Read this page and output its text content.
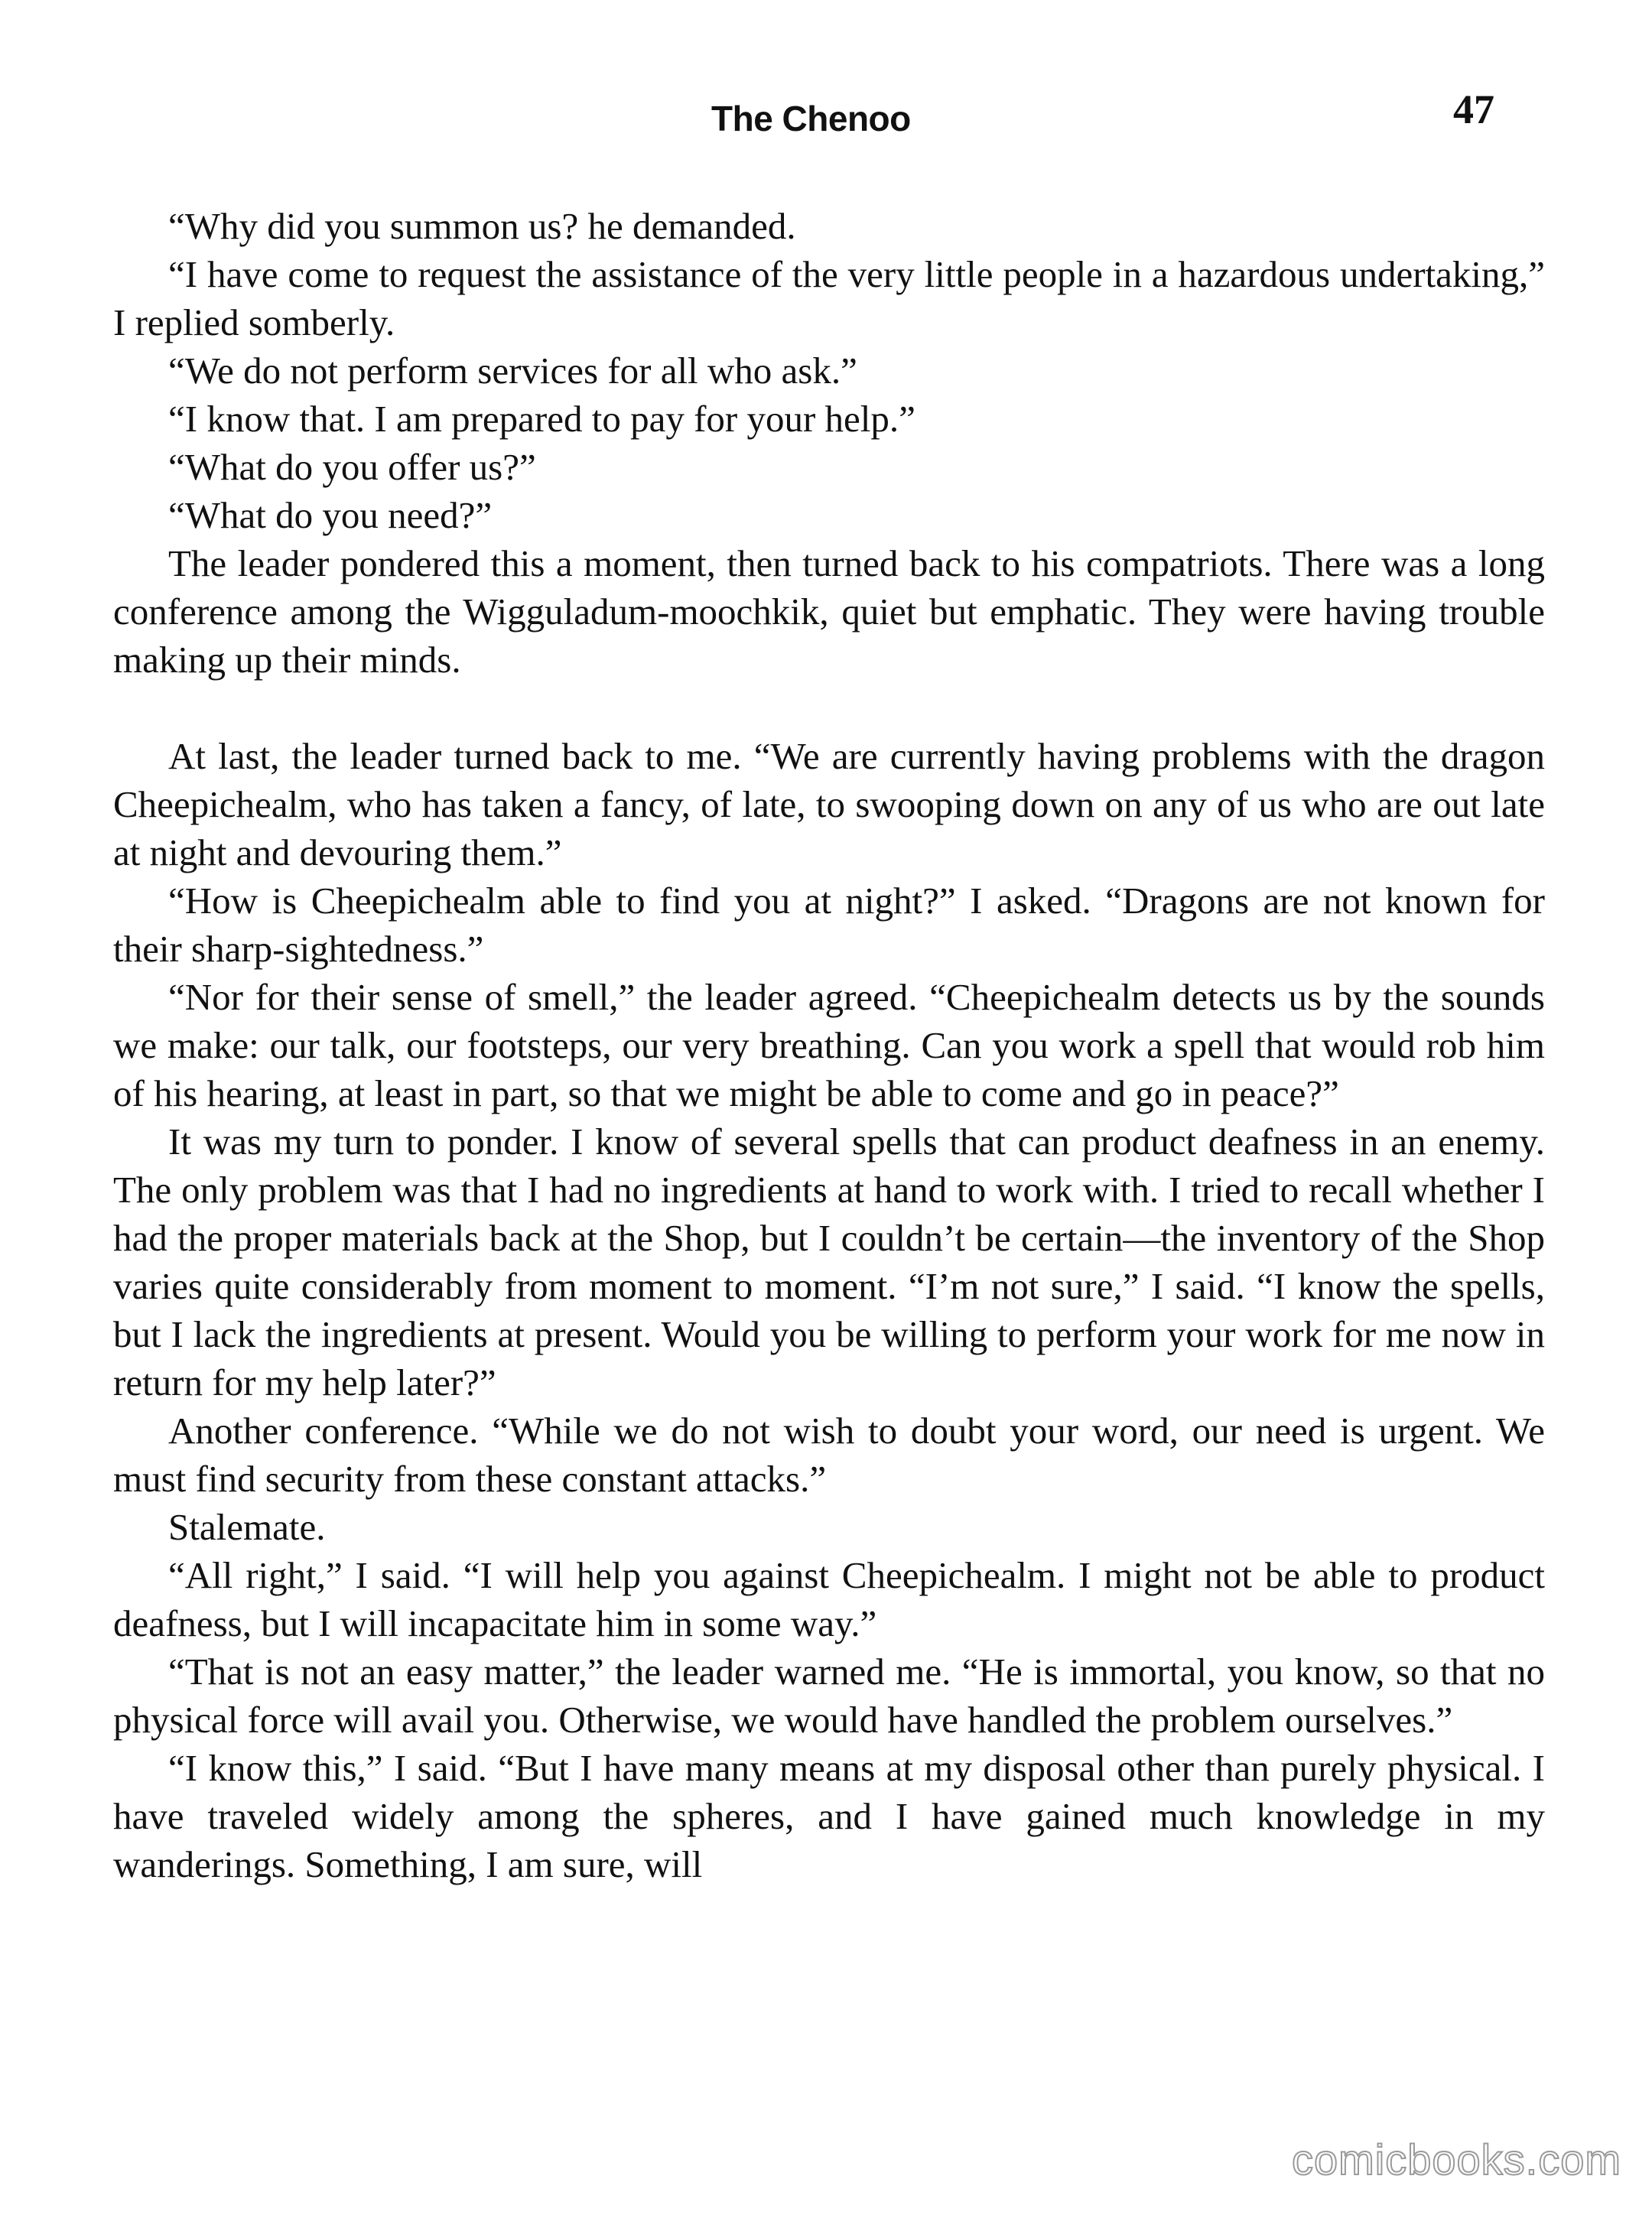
The Chenoo	47

“Why did you summon us? he demanded.

“I have come to request the assistance of the very little people in a hazardous undertaking,” I replied somberly.

“We do not perform services for all who ask.”

“I know that. I am prepared to pay for your help.”

“What do you offer us?”

“What do you need?”

The leader pondered this a moment, then turned back to his compatriots. There was a long conference among the Wigguladum-moochkik, quiet but emphatic. They were having trouble making up their minds.

At last, the leader turned back to me. “We are currently having problems with the dragon Cheepichealm, who has taken a fancy, of late, to swooping down on any of us who are out late at night and devouring them.”

“How is Cheepichealm able to find you at night?” I asked. “Dragons are not known for their sharp-sightedness.”

“Nor for their sense of smell,” the leader agreed. “Cheepichealm detects us by the sounds we make: our talk, our footsteps, our very breathing. Can you work a spell that would rob him of his hearing, at least in part, so that we might be able to come and go in peace?”

It was my turn to ponder. I know of several spells that can product deafness in an enemy. The only problem was that I had no ingredients at hand to work with. I tried to recall whether I had the proper materials back at the Shop, but I couldn’t be certain—the inventory of the Shop varies quite considerably from moment to moment. “I’m not sure,” I said. “I know the spells, but I lack the ingredients at present. Would you be willing to perform your work for me now in return for my help later?”

Another conference. “While we do not wish to doubt your word, our need is urgent. We must find security from these constant attacks.”

Stalemate.

“All right,” I said. “I will help you against Cheepichealm. I might not be able to product deafness, but I will incapacitate him in some way.”

“That is not an easy matter,” the leader warned me. “He is immortal, you know, so that no physical force will avail you. Otherwise, we would have handled the problem ourselves.”

“I know this,” I said. “But I have many means at my disposal other than purely physical. I have traveled widely among the spheres, and I have gained much knowledge in my wanderings. Something, I am sure, will

comicbooks.com
